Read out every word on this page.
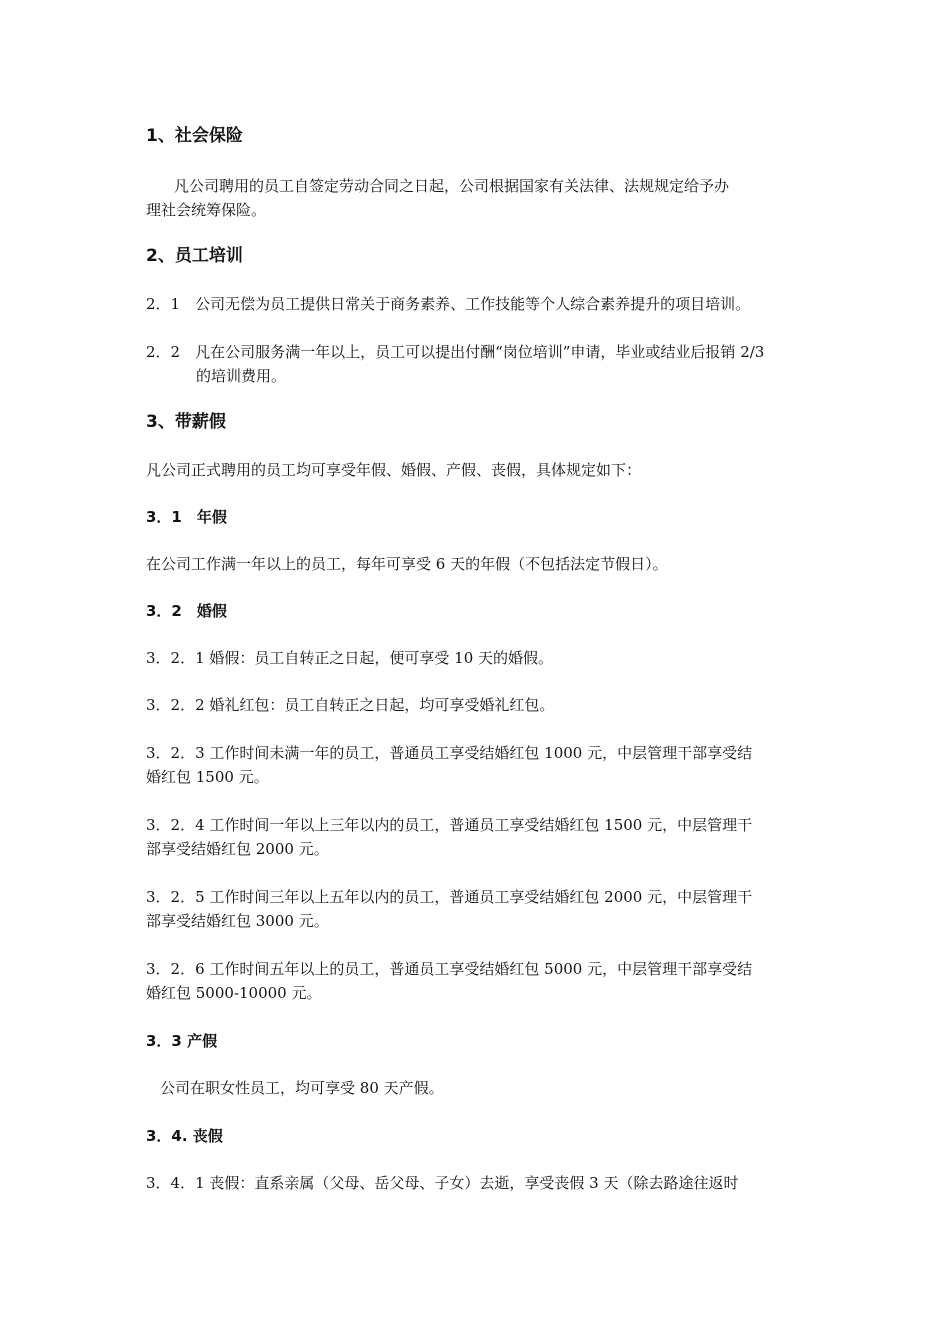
1、社会保险
凡公司聘用的员工自签定劳动合同之日起，公司根据国家有关法律、法规规定给予办
理社会统筹保险。
2、员工培训
2．1　公司无偿为员工提供日常关于商务素养、工作技能等个人综合素养提升的项目培训。
2．2　凡在公司服务满一年以上，员工可以提出付酬“岗位培训”申请，毕业或结业后报销 2/3
的培训费用。
3、带薪假
凡公司正式聘用的员工均可享受年假、婚假、产假、丧假，具体规定如下：
3．1　年假
在公司工作满一年以上的员工，每年可享受 6 天的年假（不包括法定节假日）。
3．2　婚假
3．2．1 婚假：员工自转正之日起，便可享受 10 天的婚假。
3．2．2 婚礼红包：员工自转正之日起，均可享受婚礼红包。
3．2．3 工作时间未满一年的员工，普通员工享受结婚红包 1000 元，中层管理干部享受结
婚红包 1500 元。
3．2．4 工作时间一年以上三年以内的员工，普通员工享受结婚红包 1500 元，中层管理干
部享受结婚红包 2000 元。
3．2．5 工作时间三年以上五年以内的员工，普通员工享受结婚红包 2000 元，中层管理干
部享受结婚红包 3000 元。
3．2．6 工作时间五年以上的员工，普通员工享受结婚红包 5000 元，中层管理干部享受结
婚红包 5000-10000 元。
3．3 产假
公司在职女性员工，均可享受 80 天产假。
3．4. 丧假
3．4．1 丧假：直系亲属（父母、岳父母、子女）去逝，享受丧假 3 天（除去路途往返时
